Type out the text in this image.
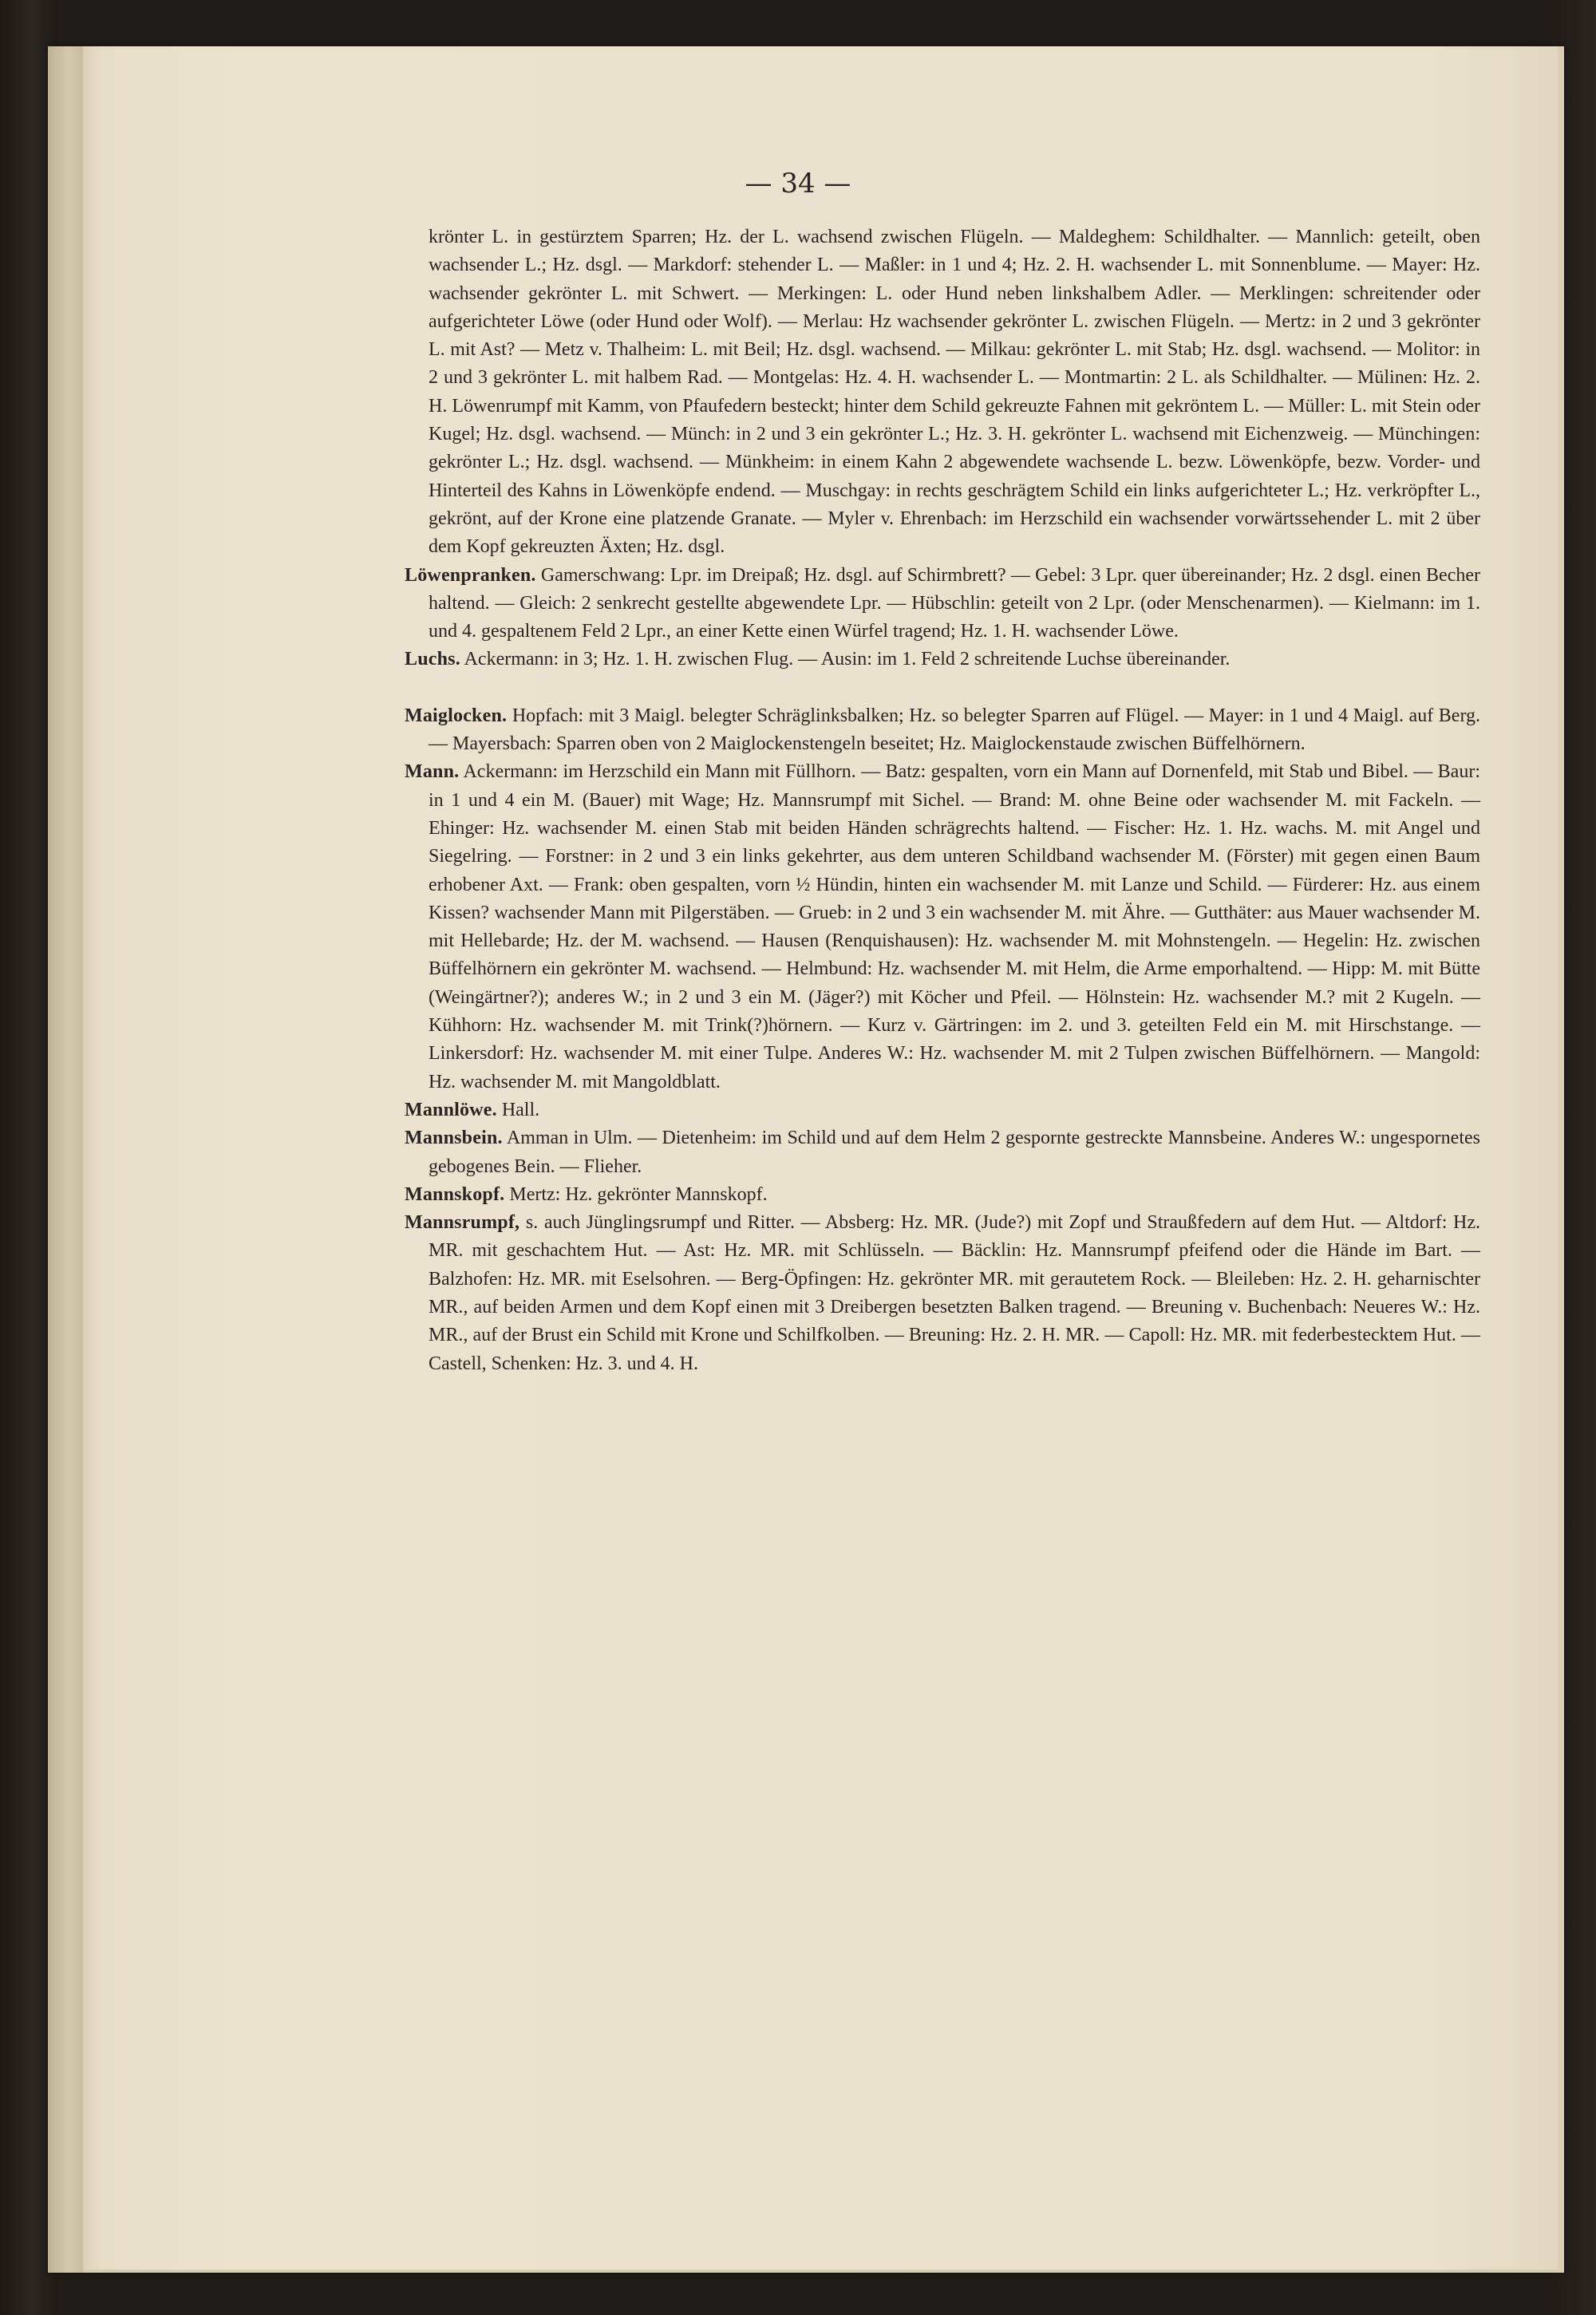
— 34 —

krönter L. in gestürztem Sparren; Hz. der L. wachsend zwischen Flügeln. — Maldeghem: Schildhalter. — Mannlich: geteilt, oben wachsender L.; Hz. dsgl. — Markdorf: stehender L. — Maßler: in 1 und 4; Hz. 2. H. wachsender L. mit Sonnenblume. — Mayer: Hz. wachsender gekrönter L. mit Schwert. — Merkingen: L. oder Hund neben linkshalbem Adler. — Merklingen: schreitender oder aufgerichteter Löwe (oder Hund oder Wolf). — Merlau: Hz wachsender gekrönter L. zwischen Flügeln. — Mertz: in 2 und 3 gekrönter L. mit Ast? — Metz v. Thalheim: L. mit Beil; Hz. dsgl. wachsend. — Milkau: gekrönter L. mit Stab; Hz. dsgl. wachsend. — Molitor: in 2 und 3 gekrönter L. mit halbem Rad. — Montgelas: Hz. 4. H. wachsender L. — Montmartin: 2 L. als Schildhalter. — Mülinen: Hz. 2. H. Löwenrumpf mit Kamm, von Pfaufedern besteckt; hinter dem Schild gekreuzte Fahnen mit gekröntem L. — Müller: L. mit Stein oder Kugel; Hz. dsgl. wachsend. — Münch: in 2 und 3 ein gekrönter L.; Hz. 3. H. gekrönter L. wachsend mit Eichenzweig. — Münchingen: gekrönter L.; Hz. dsgl. wachsend. — Münkheim: in einem Kahn 2 abgewendete wachsende L. bezw. Löwenköpfe, bezw. Vorder- und Hinterteil des Kahns in Löwenköpfe endend. — Muschgay: in rechts geschrägtem Schild ein links aufgerichteter L.; Hz. verkröpfter L., gekrönt, auf der Krone eine platzende Granate. — Myler v. Ehrenbach: im Herzschild ein wachsender vorwärtssehender L. mit 2 über dem Kopf gekreuzten Äxten; Hz. dsgl.

Löwenpranken. Gamerschwang: Lpr. im Dreipaß; Hz. dsgl. auf Schirmbrett? — Gebel: 3 Lpr. quer übereinander; Hz. 2 dsgl. einen Becher haltend. — Gleich: 2 senkrecht gestellte abgewendete Lpr. — Hübschlin: geteilt von 2 Lpr. (oder Menschenarmen). — Kielmann: im 1. und 4. gespaltenem Feld 2 Lpr., an einer Kette einen Würfel tragend; Hz. 1. H. wachsender Löwe.

Luchs. Ackermann: in 3; Hz. 1. H. zwischen Flug. — Ausin: im 1. Feld 2 schreitende Luchse übereinander.

Maiglocken. Hopfach: mit 3 Maigl. belegter Schräglinksbalken; Hz. so belegter Sparren auf Flügel. — Mayer: in 1 und 4 Maigl. auf Berg. — Mayersbach: Sparren oben von 2 Maiglockenstengeln beseitet; Hz. Maiglockenstaude zwischen Büffelhörnern.

Mann. Ackermann: im Herzschild ein Mann mit Füllhorn. — Batz: gespalten, vorn ein Mann auf Dornenfeld, mit Stab und Bibel. — Baur: in 1 und 4 ein M. (Bauer) mit Wage; Hz. Mannsrumpf mit Sichel. — Brand: M. ohne Beine oder wachsender M. mit Fackeln. — Ehinger: Hz. wachsender M. einen Stab mit beiden Händen schrägrechts haltend. — Fischer: Hz. 1. Hz. wachs. M. mit Angel und Siegelring. — Forstner: in 2 und 3 ein links gekehrter, aus dem unteren Schildband wachsender M. (Förster) mit gegen einen Baum erhobener Axt. — Frank: oben gespalten, vorn ½ Hündin, hinten ein wachsender M. mit Lanze und Schild. — Fürderer: Hz. aus einem Kissen? wachsender Mann mit Pilgerstäben. — Grueb: in 2 und 3 ein wachsender M. mit Ähre. — Gutthäter: aus Mauer wachsender M. mit Hellebarde; Hz. der M. wachsend. — Hausen (Renquishausen): Hz. wachsender M. mit Mohnstengeln. — Hegelin: Hz. zwischen Büffelhörnern ein gekrönter M. wachsend. — Helmbund: Hz. wachsender M. mit Helm, die Arme emporhaltend. — Hipp: M. mit Bütte (Weingärtner?); anderes W.; in 2 und 3 ein M. (Jäger?) mit Köcher und Pfeil. — Hölnstein: Hz. wachsender M.? mit 2 Kugeln. — Kühhorn: Hz. wachsender M. mit Trink(?)hörnern. — Kurz v. Gärtringen: im 2. und 3. geteilten Feld ein M. mit Hirschstange. — Linkersdorf: Hz. wachsender M. mit einer Tulpe. Anderes W.: Hz. wachsender M. mit 2 Tulpen zwischen Büffelhörnern. — Mangold: Hz. wachsender M. mit Mangoldblatt.

Mannlöwe. Hall.

Mannsbein. Amman in Ulm. — Dietenheim: im Schild und auf dem Helm 2 gespornte gestreckte Mannsbeine. Anderes W.: ungespornetes gebogenes Bein. — Flieher.

Mannskopf. Mertz: Hz. gekrönter Mannskopf.

Mannsrumpf, s. auch Jünglingsrumpf und Ritter. — Absberg: Hz. MR. (Jude?) mit Zopf und Straußfedern auf dem Hut. — Altdorf: Hz. MR. mit geschachtem Hut. — Ast: Hz. MR. mit Schlüsseln. — Bäcklin: Hz. Mannsrumpf pfeifend oder die Hände im Bart. — Balzhofen: Hz. MR. mit Eselsohren. — Berg-Öpfingen: Hz. gekrönter MR. mit gerautetem Rock. — Bleileben: Hz. 2. H. geharnischter MR., auf beiden Armen und dem Kopf einen mit 3 Dreibergen besetzten Balken tragend. — Breuning v. Buchenbach: Neueres W.: Hz. MR., auf der Brust ein Schild mit Krone und Schilfkolben. — Breuning: Hz. 2. H. MR. — Capoll: Hz. MR. mit federbestecktem Hut. — Castell, Schenken: Hz. 3. und 4. H.
